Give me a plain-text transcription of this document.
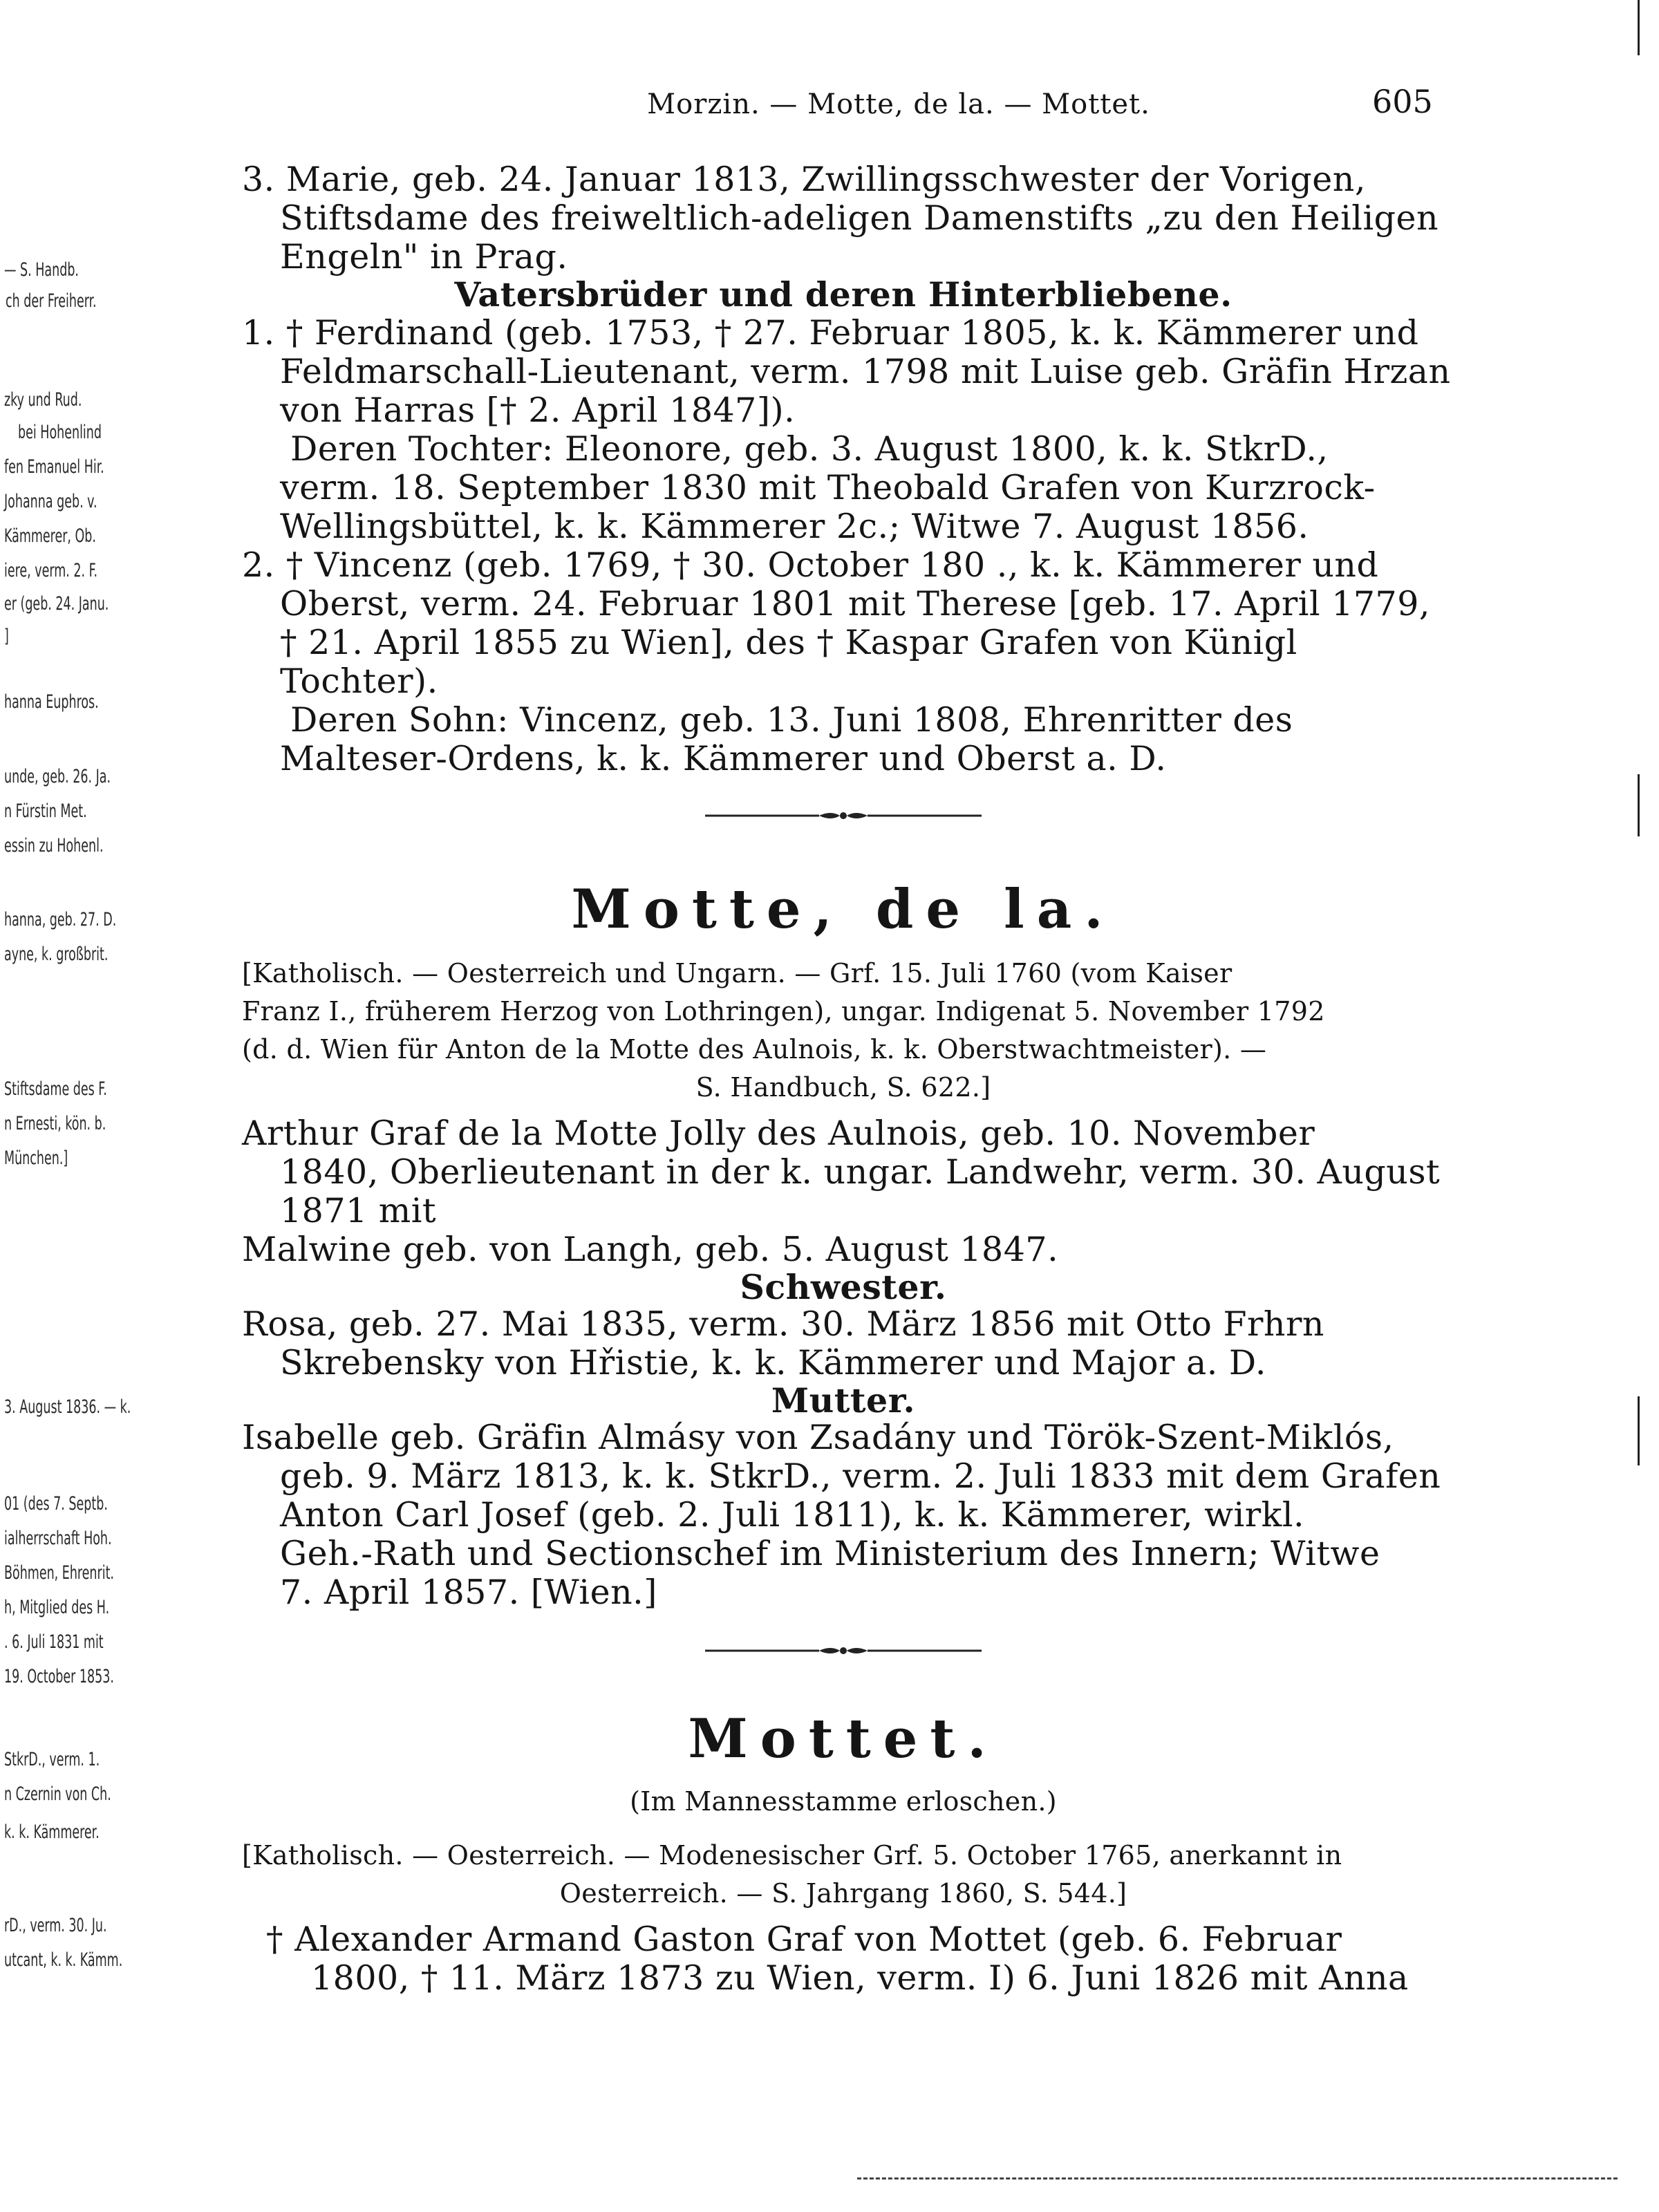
— S. Handb.
ch der Freiherr.
zky und Rud.
bei Hohenlind
fen Emanuel Hir.
Johanna geb. v.
Kämmerer, Ob.
iere, verm. 2. F.
er (geb. 24. Janu.
]
hanna Euphros.
unde, geb. 26. Ja.
n Fürstin Met.
essin zu Hohenl.
hanna, geb. 27. D.
ayne, k. großbrit.
Stiftsdame des F.
n Ernesti, kön. b.
München.]
3. August 1836. — k.
01 (des 7. Septb.
ialherrschaft Hoh.
Böhmen, Ehrenrit.
h, Mitglied des H.
. 6. Juli 1831 mit
19. October 1853.
StkrD., verm. 1.
n Czernin von Ch.
k. k. Kämmerer.
rD., verm. 30. Ju.
utcant, k. k. Kämm.
Morzin. — Motte, de la. — Mottet.	605
3. Marie, geb. 24. Januar 1813, Zwillingsschwester der Vorigen,
Stiftsdame des freiweltlich-adeligen Damenstifts „zu den Heiligen
Engeln" in Prag.
Vatersbrüder und deren Hinterbliebene.
1. † Ferdinand (geb. 1753, † 27. Februar 1805, k. k. Kämmerer und
Feldmarschall-Lieutenant, verm. 1798 mit Luise geb. Gräfin Hrzan
von Harras [† 2. April 1847]).
Deren Tochter: Eleonore, geb. 3. August 1800, k. k. StkrD.,
verm. 18. September 1830 mit Theobald Grafen von Kurzrock-
Wellingsbüttel, k. k. Kämmerer 2c.; Witwe 7. August 1856.
2. † Vincenz (geb. 1769, † 30. October 180 ., k. k. Kämmerer und
Oberst, verm. 24. Februar 1801 mit Therese [geb. 17. April 1779,
† 21. April 1855 zu Wien], des † Kaspar Grafen von Künigl
Tochter).
Deren Sohn: Vincenz, geb. 13. Juni 1808, Ehrenritter des
Malteser-Ordens, k. k. Kämmerer und Oberst a. D.
Motte, de la.
[Katholisch. — Oesterreich und Ungarn. — Grf. 15. Juli 1760 (vom Kaiser
Franz I., früherem Herzog von Lothringen), ungar. Indigenat 5. November 1792
(d. d. Wien für Anton de la Motte des Aulnois, k. k. Oberstwachtmeister). —
S. Handbuch, S. 622.]
Arthur Graf de la Motte Jolly des Aulnois, geb. 10. November
1840, Oberlieutenant in der k. ungar. Landwehr, verm. 30. August
1871 mit
Malwine geb. von Langh, geb. 5. August 1847.
Schwester.
Rosa, geb. 27. Mai 1835, verm. 30. März 1856 mit Otto Frhrn
Skrebensky von Hřistie, k. k. Kämmerer und Major a. D.
Mutter.
Isabelle geb. Gräfin Almásy von Zsadány und Török-Szent-Miklós,
geb. 9. März 1813, k. k. StkrD., verm. 2. Juli 1833 mit dem Grafen
Anton Carl Josef (geb. 2. Juli 1811), k. k. Kämmerer, wirkl.
Geh.-Rath und Sectionschef im Ministerium des Innern; Witwe
7. April 1857. [Wien.]
Mottet.
(Im Mannesstamme erloschen.)
[Katholisch. — Oesterreich. — Modenesischer Grf. 5. October 1765, anerkannt in
Oesterreich. — S. Jahrgang 1860, S. 544.]
† Alexander Armand Gaston Graf von Mottet (geb. 6. Februar
1800, † 11. März 1873 zu Wien, verm. I) 6. Juni 1826 mit Anna
